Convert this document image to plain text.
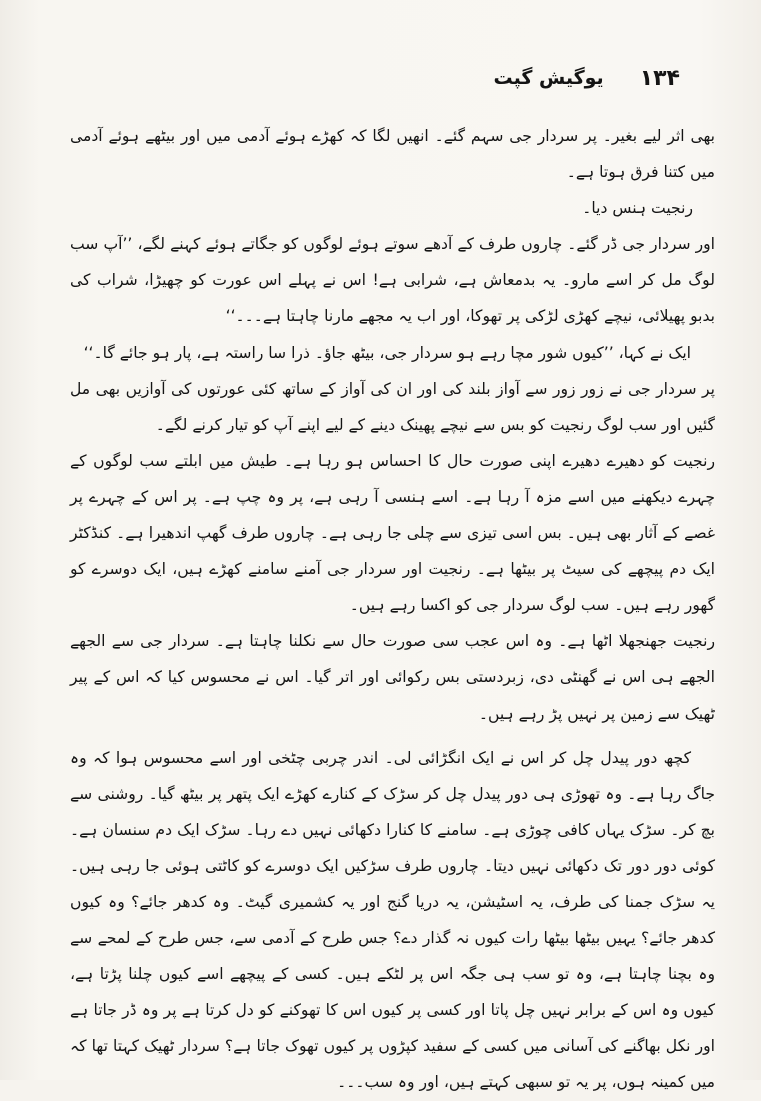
۱۳۴
یوگیش گپت

بھی اثر لیے بغیر۔ پر سردار جی سہم گئے۔ انھیں لگا کہ کھڑے ہوئے آدمی میں اور بیٹھے ہوئے آدمی میں کتنا فرق ہوتا ہے۔

رنجیت ہنس دیا۔

اور سردار جی ڈر گئے۔ چاروں طرف کے آدھے سوتے ہوئے لوگوں کو جگاتے ہوئے کہنے لگے، ’’آپ سب لوگ مل کر اسے مارو۔ یہ بدمعاش ہے، شرابی ہے! اس نے پہلے اس عورت کو چھیڑا، شراب کی بدبو پھیلائی، نیچے کھڑی لڑکی پر تھوکا، اور اب یہ مجھے مارنا چاہتا ہے۔۔۔‘‘

ایک نے کہا، ’’کیوں شور مچا رہے ہو سردار جی، بیٹھ جاؤ۔ ذرا سا راستہ ہے، پار ہو جائے گا۔‘‘

پر سردار جی نے زور زور سے آواز بلند کی اور ان کی آواز کے ساتھ کئی عورتوں کی آوازیں بھی مل گئیں اور سب لوگ رنجیت کو بس سے نیچے پھینک دینے کے لیے اپنے آپ کو تیار کرنے لگے۔

رنجیت کو دھیرے دھیرے اپنی صورت حال کا احساس ہو رہا ہے۔ طیش میں ابلتے سب لوگوں کے چہرے دیکھنے میں اسے مزہ آ رہا ہے۔ اسے ہنسی آ رہی ہے، پر وہ چپ ہے۔ پر اس کے چہرے پر غصے کے آثار بھی ہیں۔ بس اسی تیزی سے چلی جا رہی ہے۔ چاروں طرف گھپ اندھیرا ہے۔ کنڈکٹر ایک دم پیچھے کی سیٹ پر بیٹھا ہے۔ رنجیت اور سردار جی آمنے سامنے کھڑے ہیں، ایک دوسرے کو گھور رہے ہیں۔ سب لوگ سردار جی کو اکسا رہے ہیں۔

رنجیت جھنجھلا اٹھا ہے۔ وہ اس عجب سی صورت حال سے نکلنا چاہتا ہے۔ سردار جی سے الجھے الجھے ہی اس نے گھنٹی دی، زبردستی بس رکوائی اور اتر گیا۔ اس نے محسوس کیا کہ اس کے پیر ٹھیک سے زمین پر نہیں پڑ رہے ہیں۔

کچھ دور پیدل چل کر اس نے ایک انگڑائی لی۔ اندر چربی چٹخی اور اسے محسوس ہوا کہ وہ جاگ رہا ہے۔ وہ تھوڑی ہی دور پیدل چل کر سڑک کے کنارے کھڑے ایک پتھر پر بیٹھ گیا۔ روشنی سے بچ کر۔ سڑک یہاں کافی چوڑی ہے۔ سامنے کا کنارا دکھائی نہیں دے رہا۔ سڑک ایک دم سنسان ہے۔ کوئی دور دور تک دکھائی نہیں دیتا۔ چاروں طرف سڑکیں ایک دوسرے کو کاٹتی ہوئی جا رہی ہیں۔ یہ سڑک جمنا کی طرف، یہ اسٹیشن، یہ دریا گنج اور یہ کشمیری گیٹ۔ وہ کدھر جائے؟ وہ کیوں کدھر جائے؟ یہیں بیٹھا بیٹھا رات کیوں نہ گذار دے؟ جس طرح کے آدمی سے، جس طرح کے لمحے سے وہ بچنا چاہتا ہے، وہ تو سب ہی جگہ اس پر لٹکے ہیں۔ کسی کے پیچھے اسے کیوں چلنا پڑتا ہے، کیوں وہ اس کے برابر نہیں چل پاتا اور کسی پر کیوں اس کا تھوکنے کو دل کرتا ہے پر وہ ڈر جاتا ہے اور نکل بھاگنے کی آسانی میں کسی کے سفید کپڑوں پر کیوں تھوک جاتا ہے؟ سردار ٹھیک کہتا تھا کہ میں کمینہ ہوں، پر یہ تو سبھی کہتے ہیں، اور وہ سب۔۔۔
